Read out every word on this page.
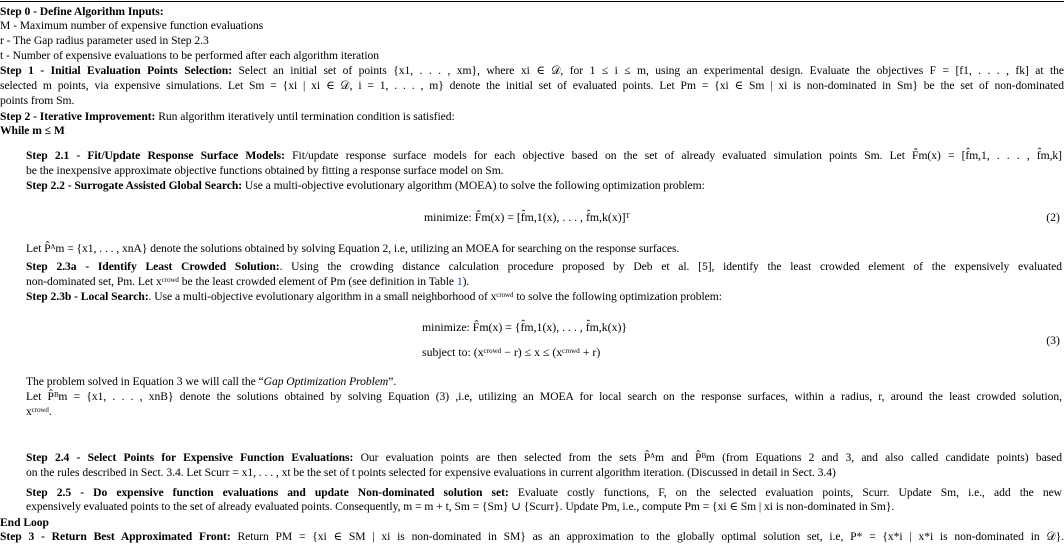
Step 0 - Define Algorithm Inputs:
M - Maximum number of expensive function evaluations
r - The Gap radius parameter used in Step 2.3
t - Number of expensive evaluations to be performed after each algorithm iteration
Step 1 - Initial Evaluation Points Selection: Select an initial set of points {x1, . . . , xm}, where xi ∈ 𝒟, for 1 ≤ i ≤ m, using an experimental design. Evaluate the objectives F = [f1, . . . , fk] at the
selected m points, via expensive simulations. Let Sm = {xi | xi ∈ 𝒟, i = 1, . . . , m} denote the initial set of evaluated points. Let Pm = {xi ∈ Sm | xi is non-dominated in Sm} be the set of non-dominated
points from Sm.
Step 2 - Iterative Improvement: Run algorithm iteratively until termination condition is satisfied:
While m ≤ M
Step 2.1 - Fit/Update Response Surface Models: Fit/update response surface models for each objective based on the set of already evaluated simulation points Sm. Let F̂m(x) = [f̂m,1, . . . , f̂m,k]
be the inexpensive approximate objective functions obtained by fitting a response surface model on Sm.
Step 2.2 - Surrogate Assisted Global Search: Use a multi-objective evolutionary algorithm (MOEA) to solve the following optimization problem:
minimize: F̂m(x) = [f̂m,1(x), . . . , f̂m,k(x)]ᵀ	(2)
Let P̂ᴬm = {x1, . . . , xnA} denote the solutions obtained by solving Equation 2, i.e, utilizing an MOEA for searching on the response surfaces.
Step 2.3a - Identify Least Crowded Solution:. Using the crowding distance calculation procedure proposed by Deb et al. [5], identify the least crowded element of the expensively evaluated
non-dominated set, Pm. Let xᶜʳᵒʷᵈ be the least crowded element of Pm (see definition in Table 1).
Step 2.3b - Local Search:. Use a multi-objective evolutionary algorithm in a small neighborhood of xᶜʳᵒʷᵈ to solve the following optimization problem:
minimize: F̂m(x) = {f̂m,1(x), . . . , f̂m,k(x)}
subject to: (xᶜʳᵒʷᵈ − r) ≤ x ≤ (xᶜʳᵒʷᵈ + r)
(3)
The problem solved in Equation 3 we will call the “Gap Optimization Problem”.
Let P̂ᴮm = {x1, . . . , xnB} denote the solutions obtained by solving Equation (3) ,i.e, utilizing an MOEA for local search on the response surfaces, within a radius, r, around the least crowded solution,
xᶜʳᵒʷᵈ.
Step 2.4 - Select Points for Expensive Function Evaluations: Our evaluation points are then selected from the sets P̂ᴬm and P̂ᴮm (from Equations 2 and 3, and also called candidate points) based
on the rules described in Sect. 3.4. Let Scurr = x1, . . . , xt be the set of t points selected for expensive evaluations in current algorithm iteration. (Discussed in detail in Sect. 3.4)
Step 2.5 - Do expensive function evaluations and update Non-dominated solution set: Evaluate costly functions, F, on the selected evaluation points, Scurr. Update Sm, i.e., add the new
expensively evaluated points to the set of already evaluated points. Consequently, m = m + t, Sm = {Sm} ∪ {Scurr}. Update Pm, i.e., compute Pm = {xi ∈ Sm | xi is non-dominated in Sm}.
End Loop
Step 3 - Return Best Approximated Front: Return PM = {xi ∈ SM | xi is non-dominated in SM} as an approximation to the globally optimal solution set, i.e, P* = {x*i | x*i is non-dominated in 𝒟}.
